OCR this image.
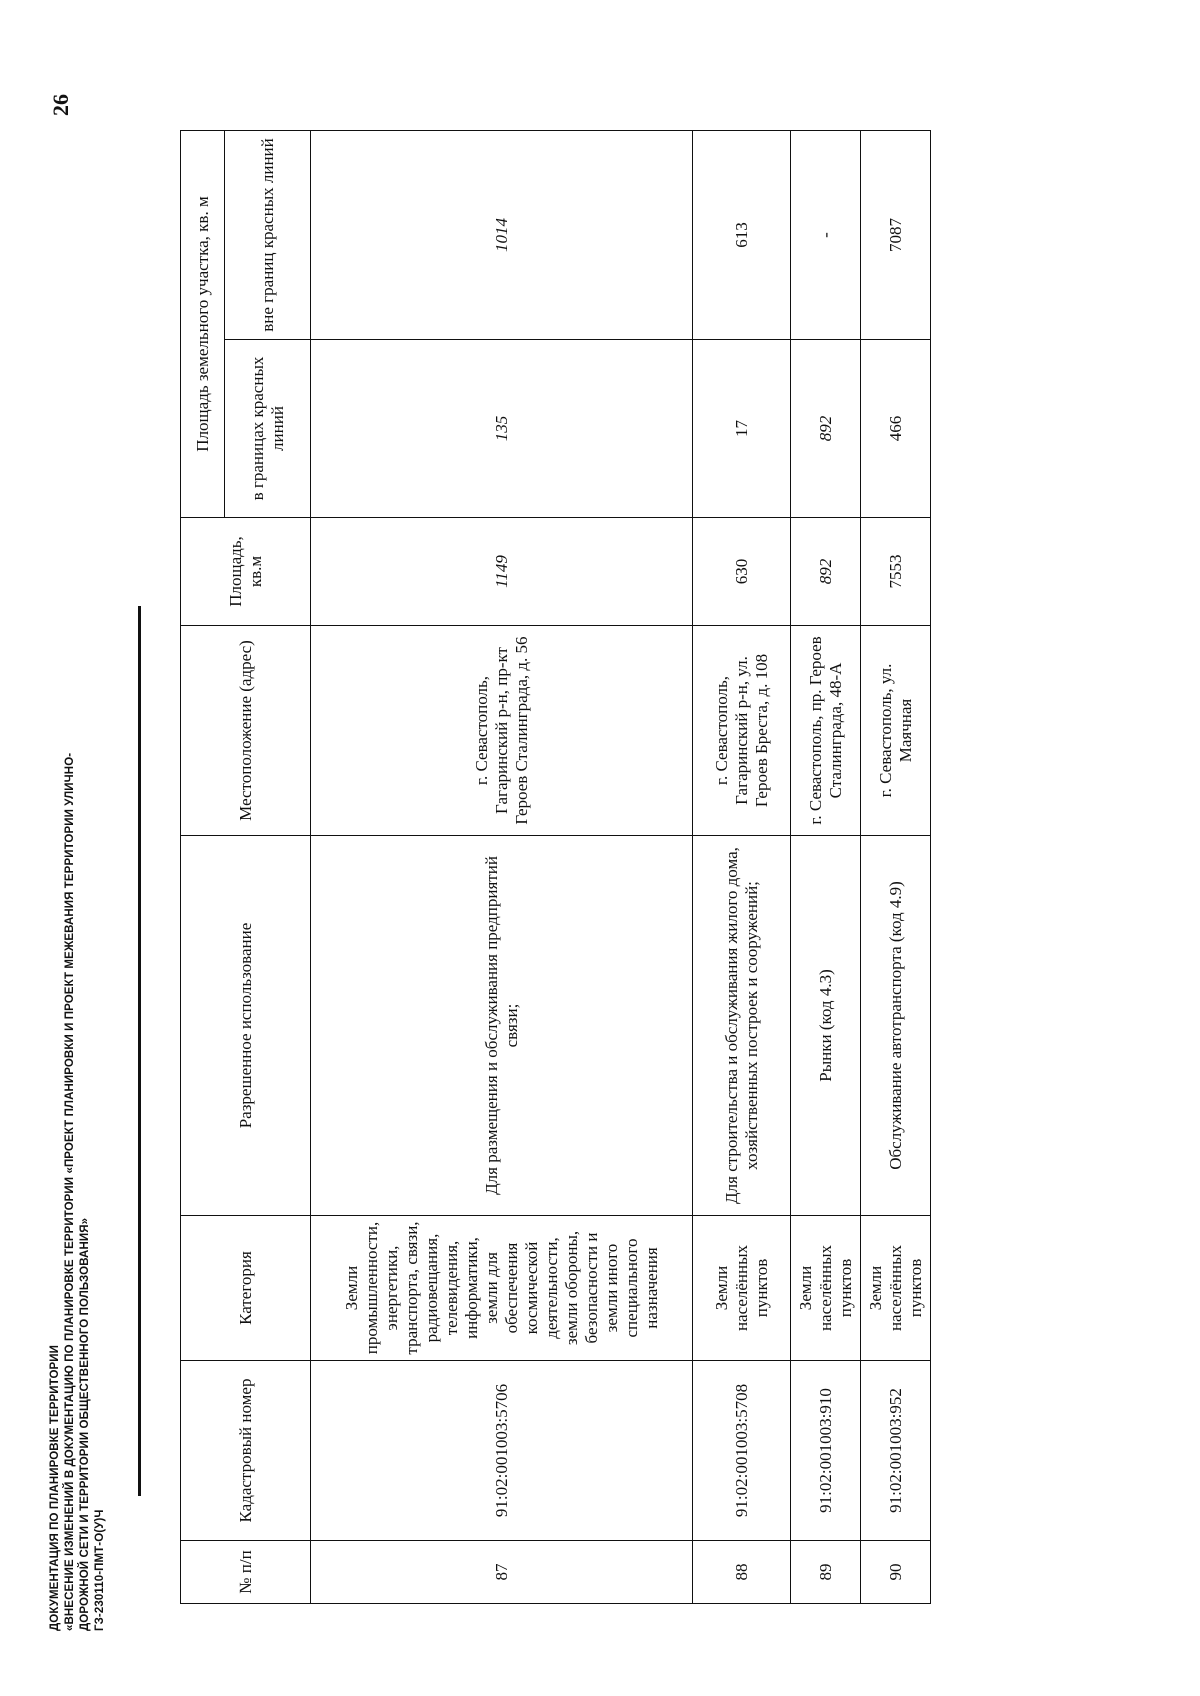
ДОКУМЕНТАЦИЯ ПО ПЛАНИРОВКЕ ТЕРРИТОРИИ «ВНЕСЕНИЕ ИЗМЕНЕНИЙ В ДОКУМЕНТАЦИЮ ПО ПЛАНИРОВКЕ ТЕРРИТОРИИ «ПРОЕКТ ПЛАНИРОВКИ И ПРОЕКТ МЕЖЕВАНИЯ ТЕРРИТОРИИ УЛИЧНО- ДОРОЖНОЙ СЕТИ И ТЕРРИТОРИИ ОБЩЕСТВЕННОГО ПОЛЬЗОВАНИЯ» ГЗ-230110-ПМТ-О(У)Ч
26
№ п/п	Кадастровый номер	Категория	Разрешенное использование	Местоположение (адрес)	Площадь, кв.м	Площадь земельного участка, кв. м	
						в границах красных линий	вне границ красных линий
87	91:02:001003:5706	Земли промышленности, энергетики, транспорта, связи, радиовещания, телевидения, информатики, земли для обеспечения космической деятельности, земли обороны, безопасности и земли иного специального назначения	Для размещения и обслуживания предприятий связи;	г. Севастополь, Гагаринский р-н, пр-кт Героев Сталинграда, д. 56	1149	135	1014
88	91:02:001003:5708	Земли населённых пунктов	Для строительства и обслуживания жилого дома, хозяйственных построек и сооружений;	г. Севастополь, Гагаринский р-н, ул. Героев Бреста, д. 108	630	17	613
89	91:02:001003:910	Земли населённых пунктов	Рынки (код 4.3)	г. Севастополь, пр. Героев Сталинграда, 48-А	892	892	-
90	91:02:001003:952	Земли населённых пунктов	Обслуживание автотранспорта (код 4.9)	г. Севастополь, ул. Маячная	7553	466	7087
